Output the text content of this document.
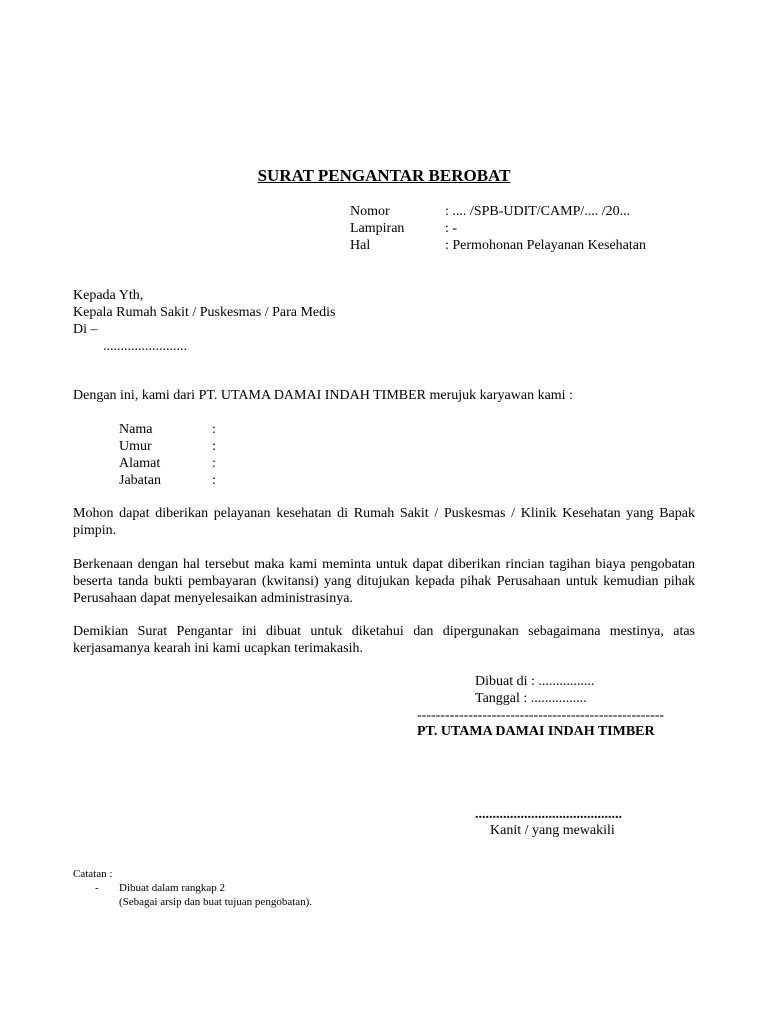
SURAT PENGANTAR BEROBAT
Nomor	: .... /SPB-UDIT/CAMP/.... /20...
Lampiran	: -
Hal	: Permohonan Pelayanan Kesehatan
Kepada Yth,
Kepala Rumah Sakit / Puskesmas / Para Medis
Di –
........................
Dengan ini, kami dari PT. UTAMA DAMAI INDAH TIMBER merujuk karyawan kami :
Nama	:
Umur	:
Alamat	:
Jabatan	:
Mohon dapat diberikan pelayanan kesehatan di Rumah Sakit / Puskesmas / Klinik Kesehatan yang Bapak pimpin.
Berkenaan dengan hal tersebut maka kami meminta untuk dapat diberikan rincian tagihan biaya pengobatan beserta tanda bukti pembayaran (kwitansi) yang ditujukan kepada pihak Perusahaan untuk kemudian pihak Perusahaan dapat menyelesaikan administrasinya.
Demikian Surat Pengantar ini dibuat untuk diketahui dan dipergunakan sebagaimana mestinya, atas kerjasamanya kearah ini kami ucapkan terimakasih.
Dibuat di : ................
Tanggal : ................
-----------------------------------------------------
PT. UTAMA DAMAI INDAH TIMBER
..........................................
Kanit / yang mewakili
Catatan :
-	Dibuat dalam rangkap 2
(Sebagai arsip dan buat tujuan pengobatan).
